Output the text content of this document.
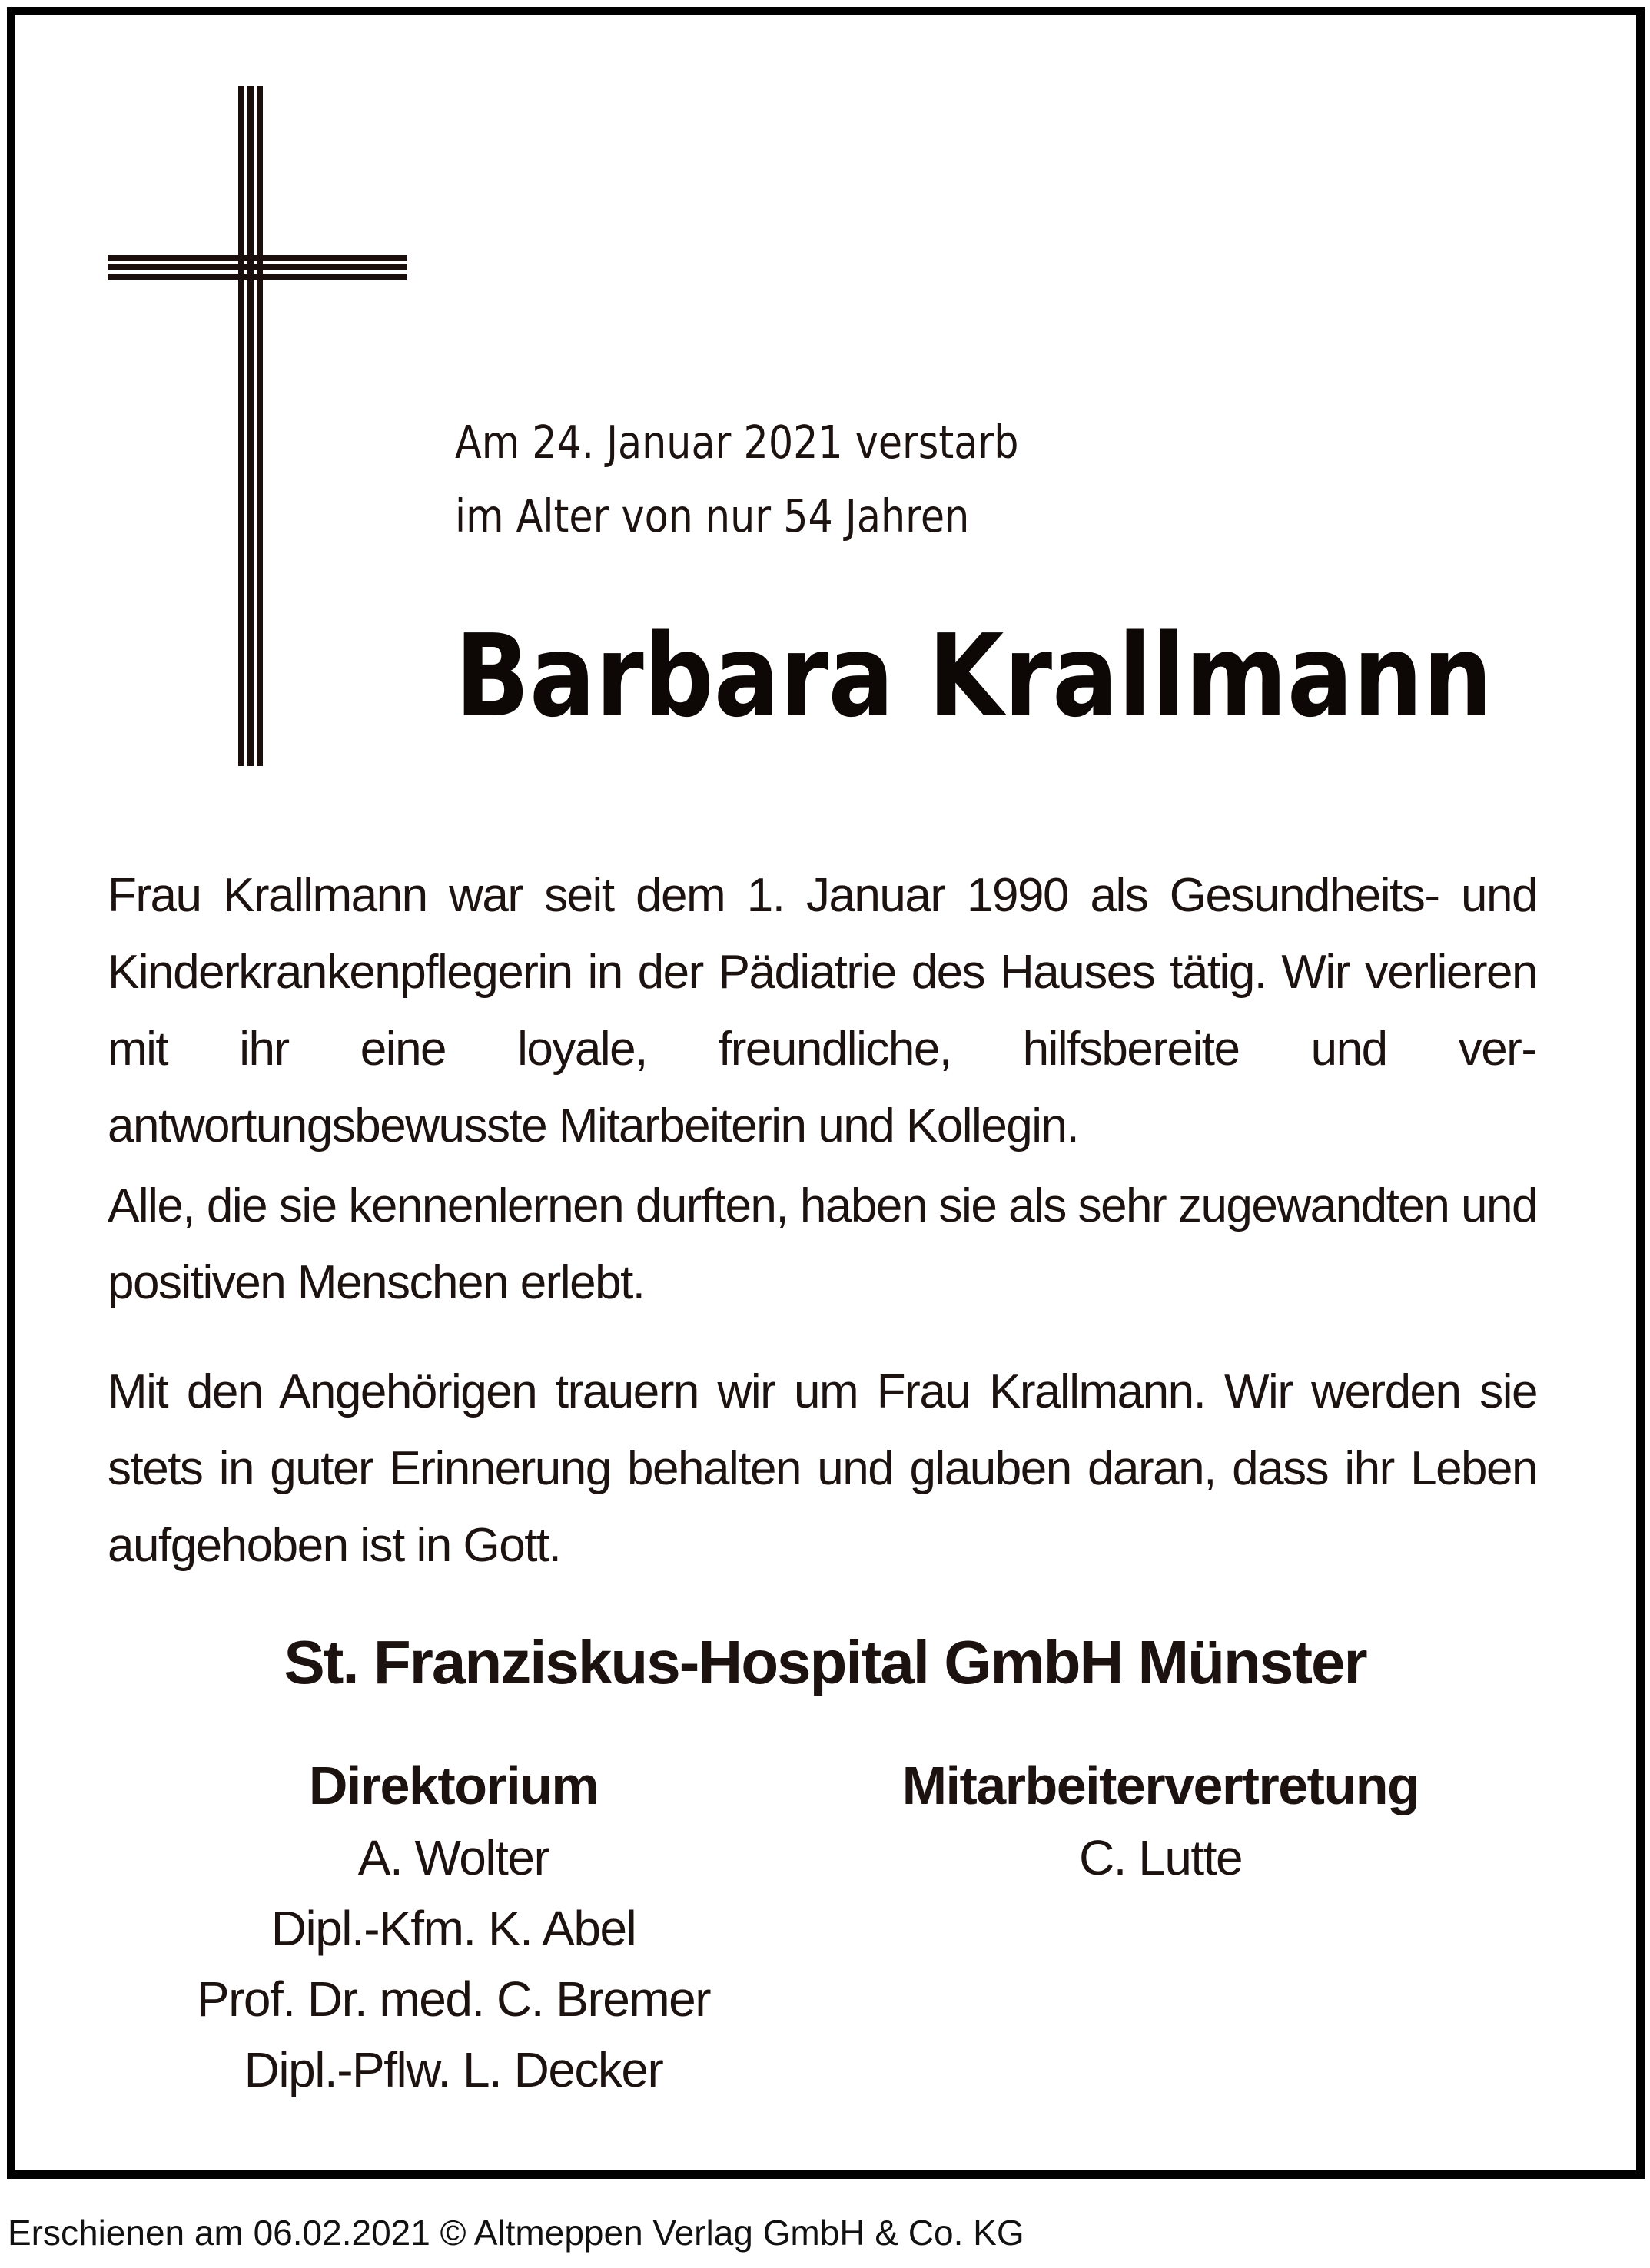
Am 24. Januar 2021 verstarb
im Alter von nur 54 Jahren
Barbara Krallmann
Frau Krallmann war seit dem 1. Januar 1990 als Gesundheits- und Kinderkrankenpflegerin in der Pädiatrie des Hauses tätig. Wir verlieren mit ihr eine loyale, freundliche, hilfsbereite und verantwortungsbewusste Mitarbeiterin und Kollegin.
Alle, die sie kennenlernen durften, haben sie als sehr zugewandten und positiven Menschen erlebt.
Mit den Angehörigen trauern wir um Frau Krallmann. Wir werden sie stets in guter Erinnerung behalten und glauben daran, dass ihr Leben aufgehoben ist in Gott.
St. Franziskus-Hospital GmbH Münster
Direktorium
A. Wolter
Dipl.-Kfm. K. Abel
Prof. Dr. med. C. Bremer
Dipl.-Pflw. L. Decker
Mitarbeitervertretung
C. Lutte
Erschienen am 06.02.2021 © Altmeppen Verlag GmbH & Co. KG
